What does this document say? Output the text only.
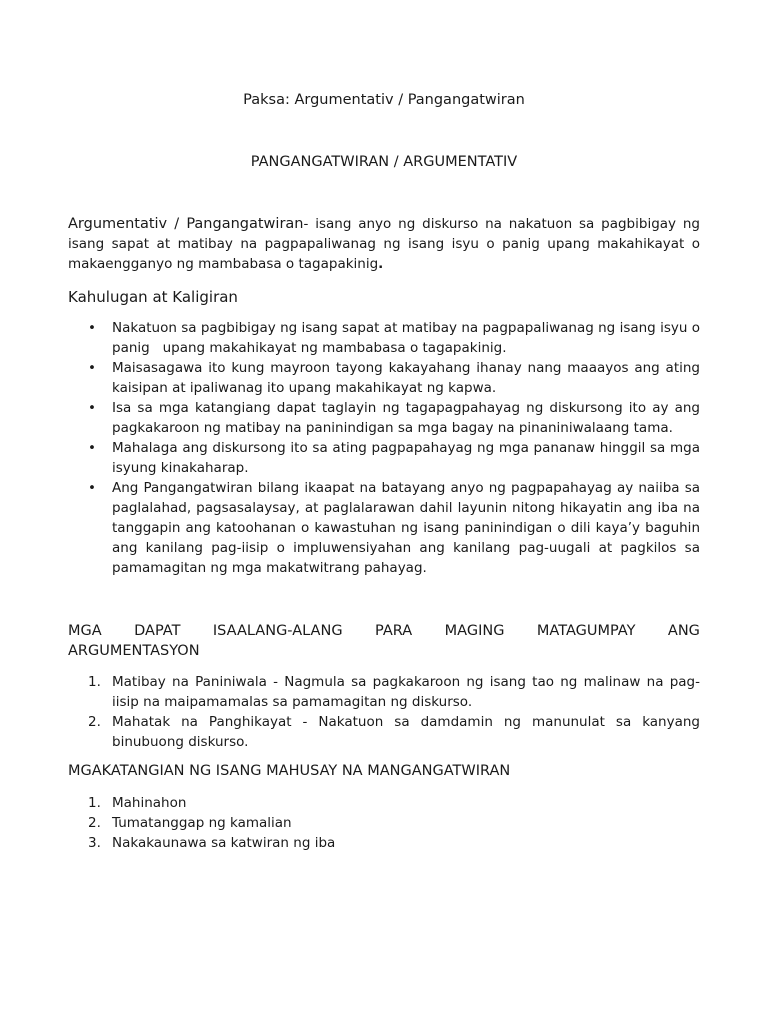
Paksa: Argumentativ / Pangangatwiran
PANGANGATWIRAN / ARGUMENTATIV

Argumentativ / Pangangatwiran- isang anyo ng diskurso na nakatuon sa pagbibigay ng isang sapat at matibay na pagpapaliwanag ng isang isyu o panig upang makahikayat o makaengganyo ng mambabasa o tagapakinig.

Kahulugan at Kaligiran
• Nakatuon sa pagbibigay ng isang sapat at matibay na pagpapaliwanag ng isang isyu o panig   upang makahikayat ng mambabasa o tagapakinig.
• Maisasagawa ito kung mayroon tayong kakayahang ihanay nang maaayos ang ating kaisipan at ipaliwanag ito upang makahikayat ng kapwa.
• Isa sa mga katangiang dapat taglayin ng tagapagpahayag ng diskursong ito ay ang pagkakaroon ng matibay na paninindigan sa mga bagay na pinaniniwalaang tama.
• Mahalaga ang diskursong ito sa ating pagpapahayag ng mga pananaw hinggil sa mga isyung kinakaharap.
• Ang Pangangatwiran bilang ikaapat na batayang anyo ng pagpapahayag ay naiiba sa paglalahad, pagsasalaysay, at paglalarawan dahil layunin nitong hikayatin ang iba na tanggapin ang katoohanan o kawastuhan ng isang paninindigan o dili kaya’y baguhin ang kanilang pag-iisip o impluwensiyahan ang kanilang pag-uugali at pagkilos sa pamamagitan ng mga makatwitrang pahayag.
MGA DAPAT ISAALANG-ALANG PARA MAGING MATAGUMPAY ANG
ARGUMENTASYON
1. Matibay na Paniniwala - Nagmula sa pagkakaroon ng isang tao ng malinaw na pag-iisip na maipamamalas sa pamamagitan ng diskurso.
2. Mahatak na Panghikayat - Nakatuon sa damdamin ng manunulat sa kanyang binubuong diskurso.
MGAKATANGIAN NG ISANG MAHUSAY NA MANGANGATWIRAN
1. Mahinahon
2. Tumatanggap ng kamalian
3. Nakakaunawa sa katwiran ng iba
